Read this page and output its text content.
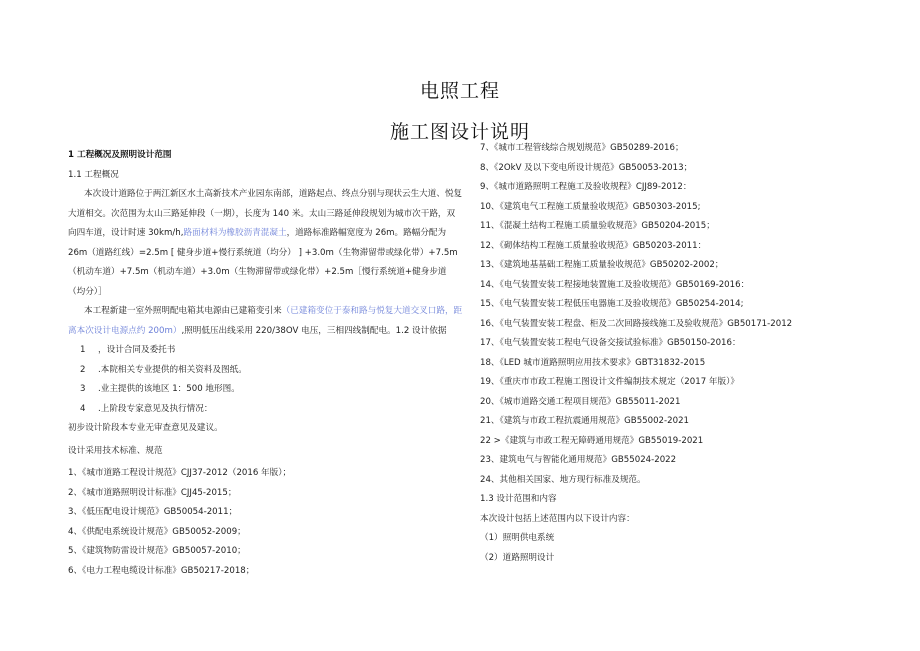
电照工程
施工图设计说明

1 工程概况及照明设计范围

1.1 工程概况

本次设计道路位于两江新区水土高新技术产业园东南部，道路起点、终点分别与现状云生大道、悦复大道相交。次范围为太山三路延伸段（一期），长度为 140 米。太山三路延伸段规划为城市次干路，双向四车道，设计时速 30km/h,路面材料为橡胶沥青混凝土，道路标准路幅宽度为 26m。路幅分配为 26m（道路红线）=2.5m [ 健身步道+慢行系统道（均分） ] +3.0m（生物滞留带或绿化带）+7.5m（机动车道）+7.5m（机动车道）+3.0m（生物滞留带或绿化带）+2.5m［慢行系统道+健身步道（均分）］

本工程新建一室外照明配电箱其电源由已建箱变引来（已建箱变位于泰和路与悦复大道交叉口路，距离本次设计电源点约 200m）,照明低压出线采用 220/38OV 电压，三相四线制配电。1.2 设计依据

1 ，设计合同及委托书

2 .本院相关专业提供的相关资料及图纸。

3 .业主提供的该地区 1：500 地形图。

4 .上阶段专家意见及执行情况：

初步设计阶段本专业无审查意见及建议。

设计采用技术标准、规范

1、《城市道路工程设计规范》CJJ37-2012（2016 年版）；

2、《城市道路照明设计标准》CJJ45-2015；

3、《低压配电设计规范》GB50054-2011；

4、《供配电系统设计规范》GB50052-2009；

5、《建筑物防雷设计规范》GB50057-2010；

6、《电力工程电缆设计标准》GB50217-2018；

7、《城市工程管线综合规划规范》GB50289-2016；

8、《2OkV 及以下变电所设计规范》GB50053-2013；

9、《城市道路照明工程施工及验收规程》CJJ89-2012：

10、《建筑电气工程施工质量验收规范》GB50303-2015;

11、《混凝土结构工程施工质量验收规范》GB50204-2015；

12、《砌体结构工程施工质量验收规范》GB50203-2011：

13、《建筑地基基础工程施工质量验收规范》GB50202-2002；

14、《电气装置安装工程接地装置施工及验收规范》GB50169-2016：

15、《电气装置安装工程低压电器施工及验收规范》GB50254-2014;

16、《电气装置安装工程盘、柜及二次回路接线施工及验收规范》GB50171-2012

17、《电气装置安装工程电气设备交接试验标准》GB50150-2016：

18、《LED 城市道路照明应用技术要求》GBT31832-2015

19、《重庆市市政工程施工图设计文件编制技术规定（2017 年版）》

20、《城市道路交通工程项目规范》GB55011-2021

21、《建筑与市政工程抗震通用规范》GB55002-2021

22 >《建筑与市政工程无障碍通用规范》GB55019-2021

23、建筑电气与智能化通用规范》GB55024-2022

24、其他相关国家、地方现行标准及规范。

1.3 设计范围和内容

本次设计包括上述范围内以下设计内容：

（1）照明供电系统

（2）道路照明设计
